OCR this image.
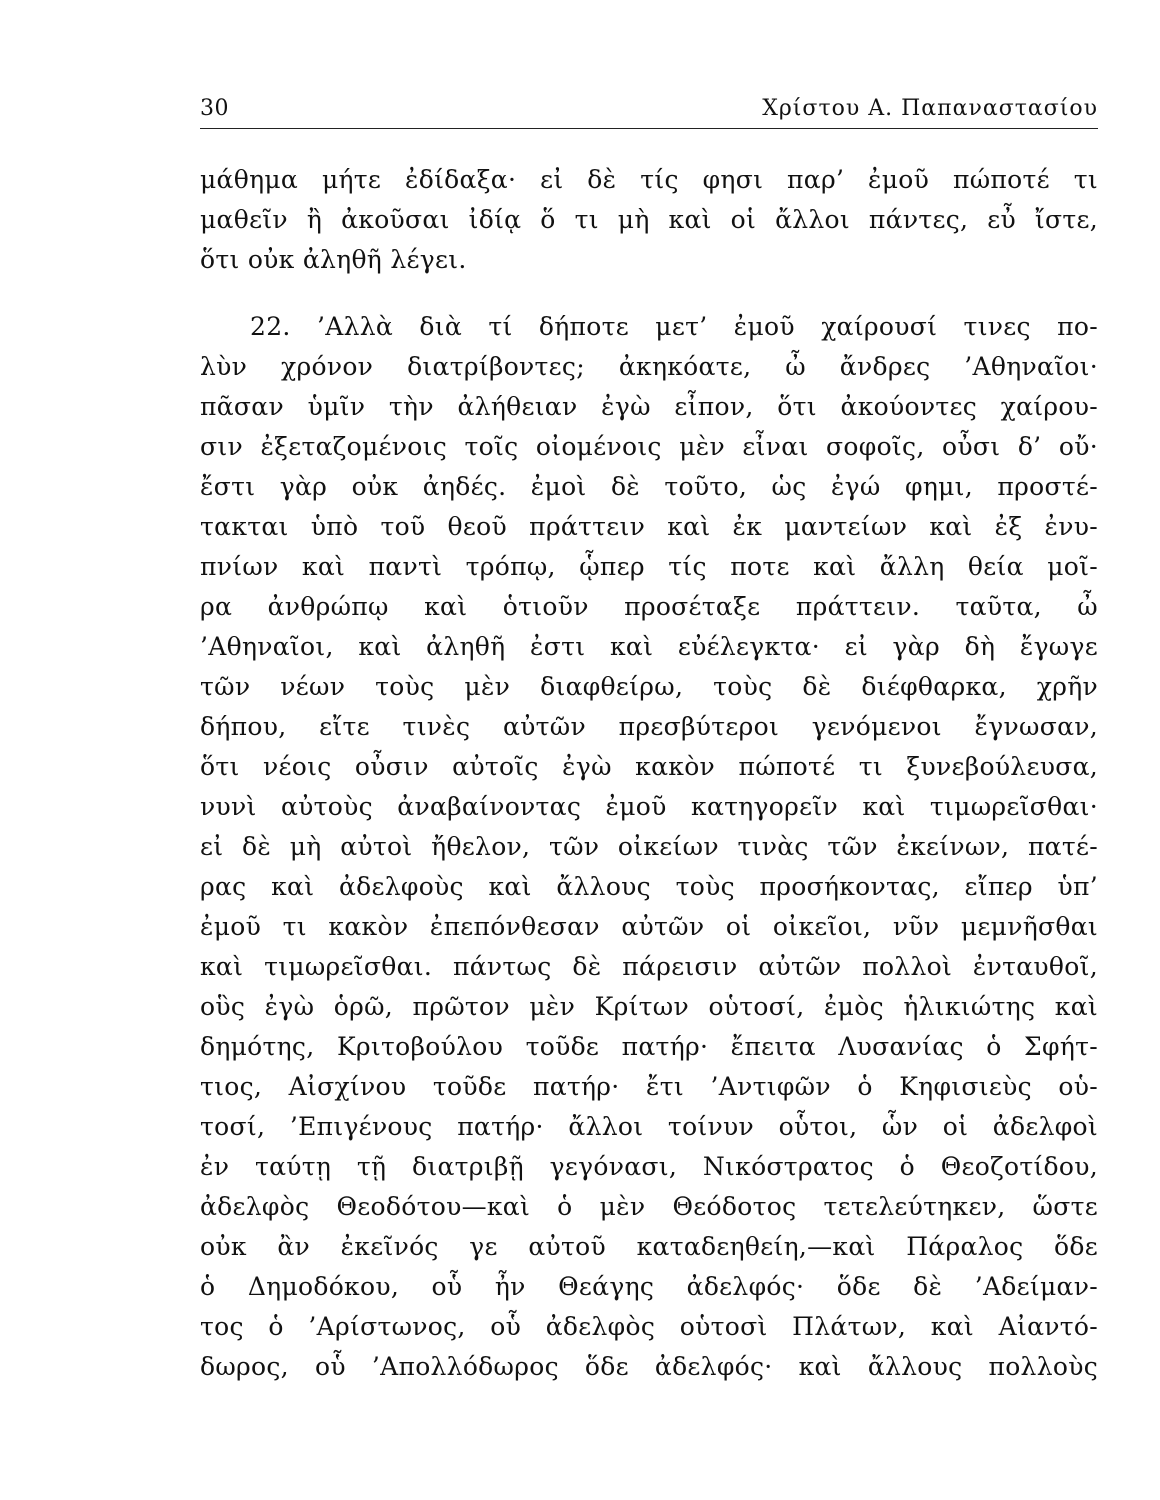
30	Χρίστου Α. Παπαναστασίου
μάθημα μήτε ἐδίδαξα· εἰ δὲ τίς φησι παρ’ ἐμοῦ πώποτέ τι
μαθεῖν ἢ ἀκοῦσαι ἰδίᾳ ὅ τι μὴ καὶ οἱ ἄλλοι πάντες, εὖ ἴστε,
ὅτι οὐκ ἀληθῆ λέγει.
22. ’Αλλὰ διὰ τί δήποτε μετ’ ἐμοῦ χαίρουσί τινες πο-
λὺν χρόνον διατρίβοντες; ἀκηκόατε, ὦ ἄνδρες ’Αθηναῖοι·
πᾶσαν ὑμῖν τὴν ἀλήθειαν ἐγὼ εἶπον, ὅτι ἀκούοντες χαίρου-
σιν ἐξεταζομένοις τοῖς οἰομένοις μὲν εἶναι σοφοῖς, οὖσι δ’ οὔ·
ἔστι γὰρ οὐκ ἀηδές. ἐμοὶ δὲ τοῦτο, ὡς ἐγώ φημι, προστέ-
τακται ὑπὸ τοῦ θεοῦ πράττειν καὶ ἐκ μαντείων καὶ ἐξ ἐνυ-
πνίων καὶ παντὶ τρόπῳ, ᾧπερ τίς ποτε καὶ ἄλλη θεία μοῖ-
ρα ἀνθρώπῳ καὶ ὁτιοῦν προσέταξε πράττειν. ταῦτα, ὦ
’Αθηναῖοι, καὶ ἀληθῆ ἐστι καὶ εὐέλεγκτα· εἰ γὰρ δὴ ἔγωγε
τῶν νέων τοὺς μὲν διαφθείρω, τοὺς δὲ διέφθαρκα, χρῆν
δήπου, εἴτε τινὲς αὐτῶν πρεσβύτεροι γενόμενοι ἔγνωσαν,
ὅτι νέοις οὖσιν αὐτοῖς ἐγὼ κακὸν πώποτέ τι ξυνεβούλευσα,
νυνὶ αὐτοὺς ἀναβαίνοντας ἐμοῦ κατηγορεῖν καὶ τιμωρεῖσθαι·
εἰ δὲ μὴ αὐτοὶ ἤθελον, τῶν οἰκείων τινὰς τῶν ἐκείνων, πατέ-
ρας καὶ ἀδελφοὺς καὶ ἄλλους τοὺς προσήκοντας, εἴπερ ὑπ’
ἐμοῦ τι κακὸν ἐπεπόνθεσαν αὐτῶν οἱ οἰκεῖοι, νῦν μεμνῆσθαι
καὶ τιμωρεῖσθαι. πάντως δὲ πάρεισιν αὐτῶν πολλοὶ ἐνταυθοῖ,
οὓς ἐγὼ ὁρῶ, πρῶτον μὲν Κρίτων οὑτοσί, ἐμὸς ἡλικιώτης καὶ
δημότης, Κριτοβούλου τοῦδε πατήρ· ἔπειτα Λυσανίας ὁ Σφήτ-
τιος, Αἰσχίνου τοῦδε πατήρ· ἔτι ’Αντιφῶν ὁ Κηφισιεὺς οὑ-
τοσί, ’Επιγένους πατήρ· ἄλλοι τοίνυν οὗτοι, ὧν οἱ ἀδελφοὶ
ἐν ταύτῃ τῇ διατριβῇ γεγόνασι, Νικόστρατος ὁ Θεοζοτίδου,
ἀδελφὸς Θεοδότου—καὶ ὁ μὲν Θεόδοτος τετελεύτηκεν, ὥστε
οὐκ ἂν ἐκεῖνός γε αὐτοῦ καταδεηθείη,—καὶ Πάραλος ὅδε
ὁ Δημοδόκου, οὗ ἦν Θεάγης ἀδελφός· ὅδε δὲ ’Αδείμαν-
τος ὁ ’Αρίστωνος, οὗ ἀδελφὸς οὑτοσὶ Πλάτων, καὶ Αἰαντό-
δωρος, οὗ ’Απολλόδωρος ὅδε ἀδελφός· καὶ ἄλλους πολλοὺς
